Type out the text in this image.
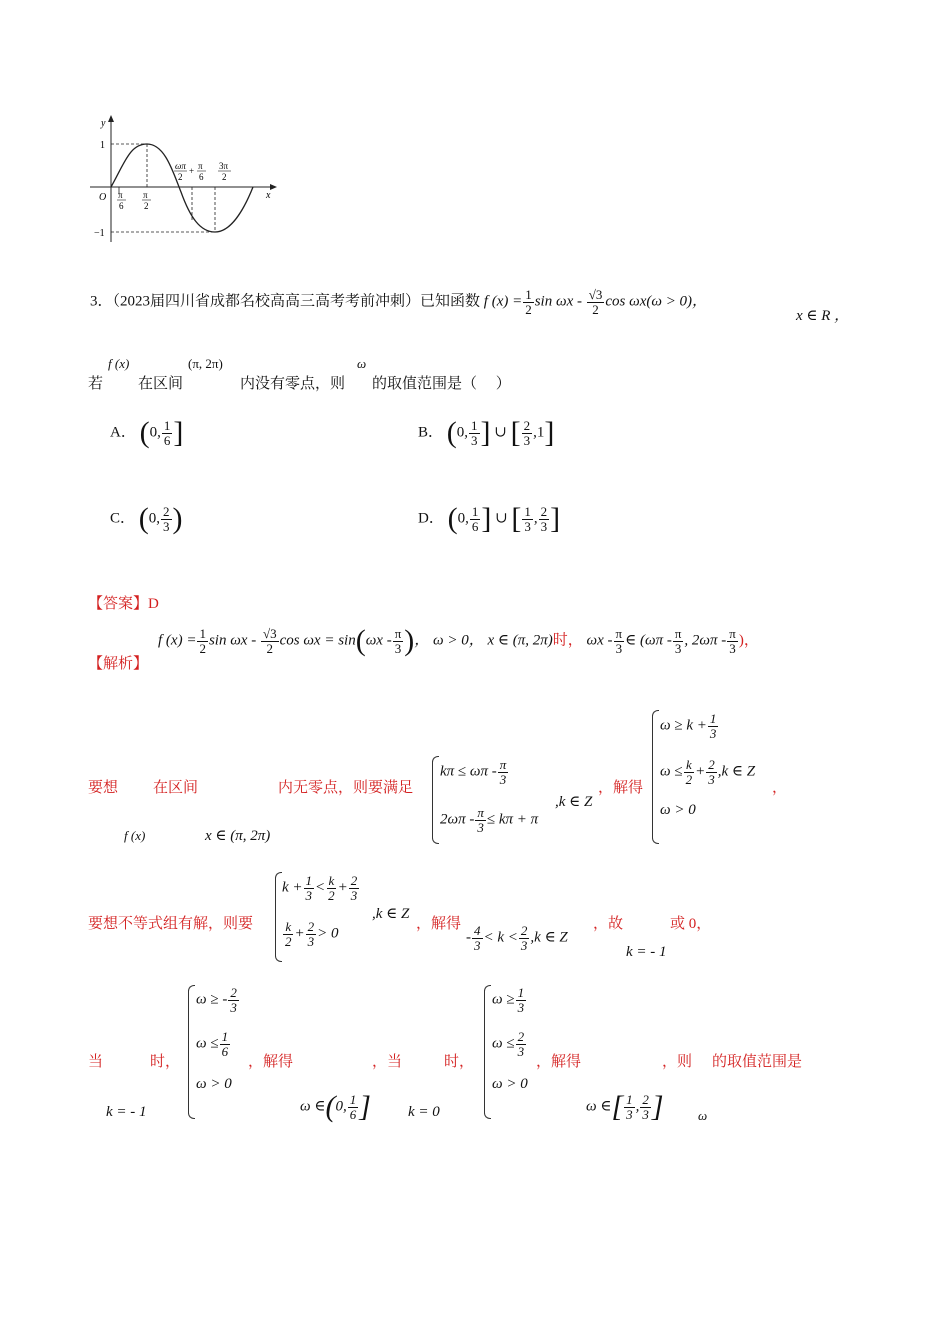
y
x
O
1
−1
π
6
π
2
ωπ
2
+ π
6
3π
2
3．（2023届四川省成都名校高高三高考考前冲刺）已知函数 f $(x) = \frac{1}{2}$ sin ωx - $\frac{√3}{2}$ cos ωx(ω > 0)，
x ∈ R ，
若
f (x)
在区间
(π, 2π)
内没有零点，则
ω
的取值范围是（　 ）
A． (0, $\frac{1}{6}$ ]	B． (0, $\frac{1}{3}$ ] ∪ [ $\frac{2}{3} ,1$]
C． (0, $\frac{2}{3}$ )	D． (0, $\frac{1}{6}$ ] ∪ [ $\frac{1}{3}$ , $\frac{2}{3}$ ]
【答案】D
【解析】
f $(x) = \frac{1}{2}$ sin ωx - $\frac{√3}{2}$ $\cos \omega x = \sin(\omega x - \frac{\pi}{3}$ )， ω > 0， x ∈ (π, 2π)时， ωx - $\frac{\pi}{3}$ ∈ ($\omega\pi - \frac{\pi}{3}$ , $2\omega\pi - \frac{\pi}{3}$ )，
要想 在区间	内无零点，则要满足
f (x)	x ∈ (π, 2π)
$k\pi \le \omega\pi - \frac{\pi}{3}$
$2\omega\pi - \frac{\pi}{3} \le k\pi + \pi$
,k ∈ Z
，解得
$\omega \ge k + \frac{1}{3}$
$\omega \le \frac{k}{2} + \frac{2}{3} ,k$ ∈ Z
ω > 0
，
要想不等式组有解，则要
$k + \frac{1}{3} < \frac{k}{2} + \frac{2}{3}$
$\frac{k}{2} + \frac{2}{3} > 0$
,k ∈ Z
，解得
- $\frac{4}{3} < k < \frac{2}{3} ,k$ ∈ Z
，故	或 0，
k = - 1
当	时，
k = - 1
ω ≥ - $\frac{2}{3}$
$\omega \le \frac{1}{6}$
ω > 0
，解得
ω ∈(0, $\frac{1}{6}$ ]
，当	时，
k = 0
$\omega \ge \frac{1}{3}$
$\omega \le \frac{2}{3}$
ω > 0
，解得
ω ∈[ $\frac{1}{3}$ , $\frac{2}{3}$ ]
，则
ω
的取值范围是
